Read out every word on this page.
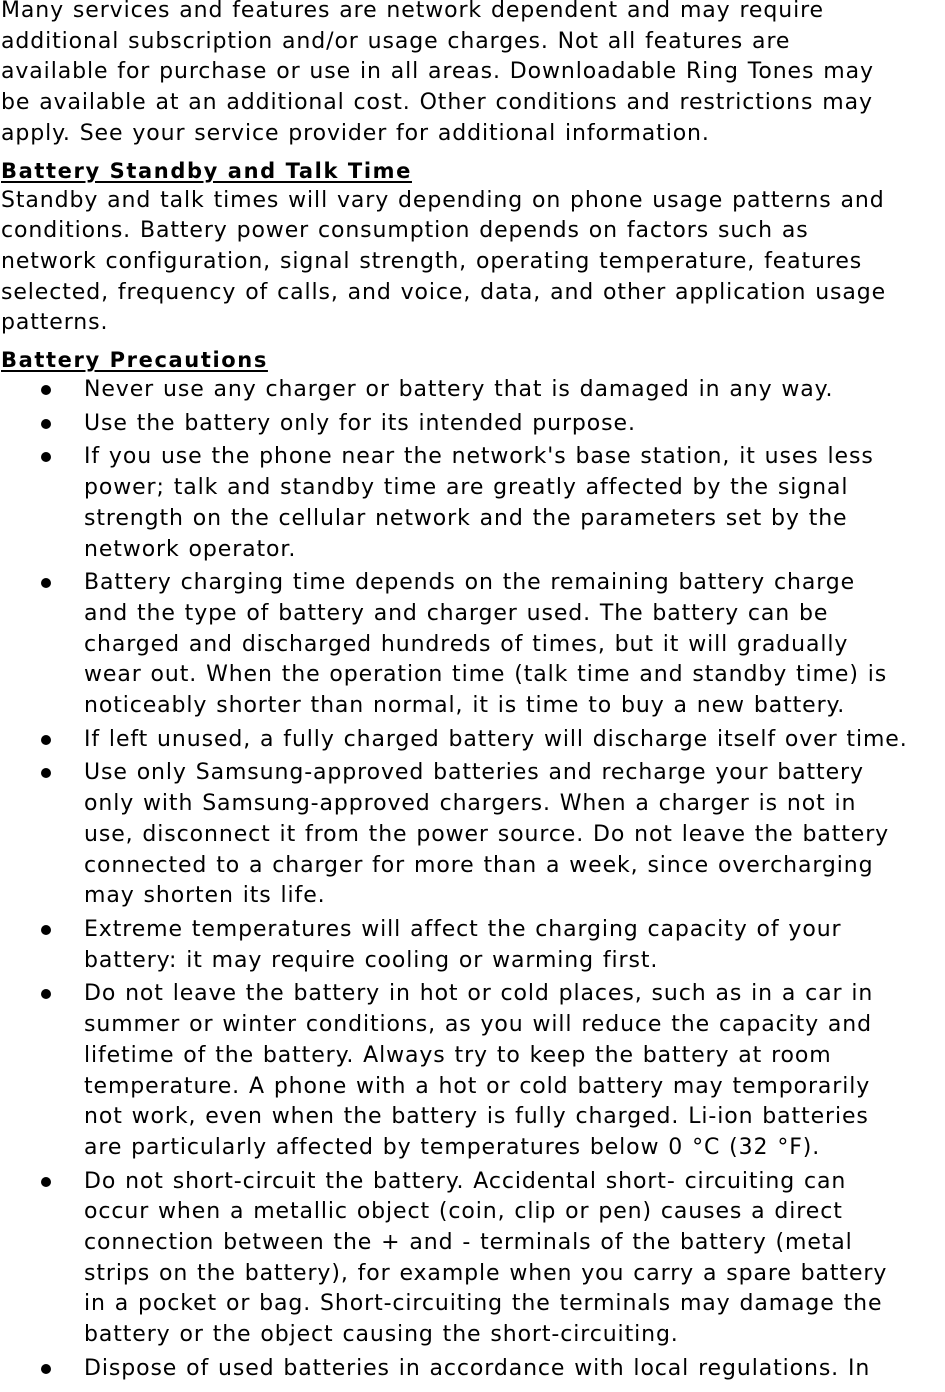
Many services and features are network dependent and may require
additional subscription and/or usage charges. Not all features are
available for purchase or use in all areas. Downloadable Ring Tones may
be available at an additional cost. Other conditions and restrictions may
apply. See your service provider for additional information.

Battery Standby and Talk Time

Standby and talk times will vary depending on phone usage patterns and
conditions. Battery power consumption depends on factors such as
network configuration, signal strength, operating temperature, features
selected, frequency of calls, and voice, data, and other application usage
patterns.

Battery Precautions
Never use any charger or battery that is damaged in any way.
Use the battery only for its intended purpose.
If you use the phone near the network's base station, it uses less
power; talk and standby time are greatly affected by the signal
strength on the cellular network and the parameters set by the
network operator.
Battery charging time depends on the remaining battery charge
and the type of battery and charger used. The battery can be
charged and discharged hundreds of times, but it will gradually
wear out. When the operation time (talk time and standby time) is
noticeably shorter than normal, it is time to buy a new battery.
If left unused, a fully charged battery will discharge itself over time.
Use only Samsung-approved batteries and recharge your battery
only with Samsung-approved chargers. When a charger is not in
use, disconnect it from the power source. Do not leave the battery
connected to a charger for more than a week, since overcharging
may shorten its life.
Extreme temperatures will affect the charging capacity of your
battery: it may require cooling or warming first.
Do not leave the battery in hot or cold places, such as in a car in
summer or winter conditions, as you will reduce the capacity and
lifetime of the battery. Always try to keep the battery at room
temperature. A phone with a hot or cold battery may temporarily
not work, even when the battery is fully charged. Li-ion batteries
are particularly affected by temperatures below 0 °C (32 °F).
Do not short-circuit the battery. Accidental short- circuiting can
occur when a metallic object (coin, clip or pen) causes a direct
connection between the + and - terminals of the battery (metal
strips on the battery), for example when you carry a spare battery
in a pocket or bag. Short-circuiting the terminals may damage the
battery or the object causing the short-circuiting.
Dispose of used batteries in accordance with local regulations. In
